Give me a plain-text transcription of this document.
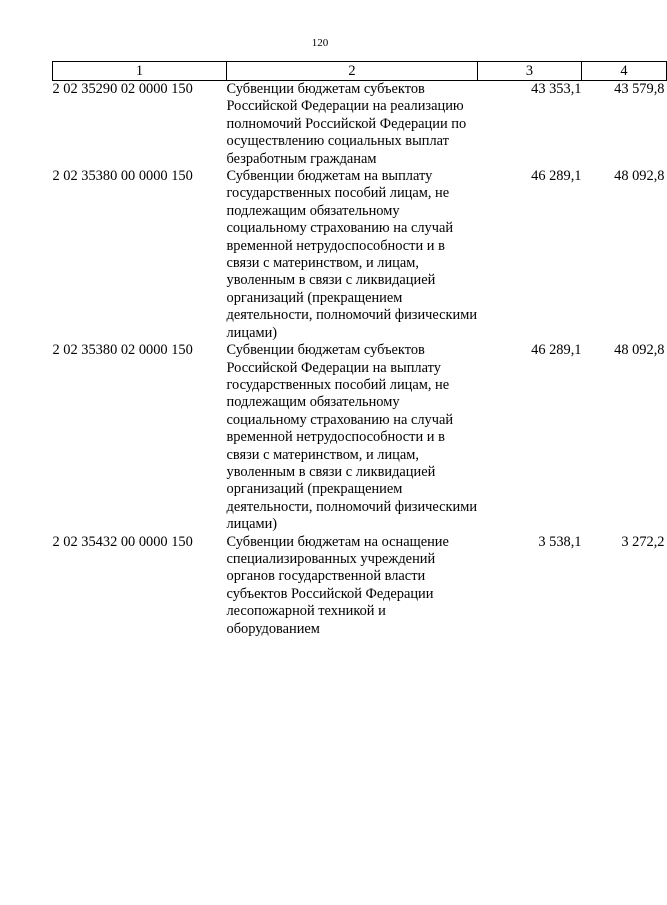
120
1	2	3	4
2 02 35290 02 0000 150	Субвенции бюджетам субъектов Российской Федерации на реализацию полномочий Российской Федерации по осуществлению социальных выплат безработным гражданам	43 353,1	43 579,8
2 02 35380 00 0000 150	Субвенции бюджетам на выплату государственных пособий лицам, не подлежащим обязательному социальному страхованию на случай временной нетрудоспособности и в связи с материнством, и лицам, уволенным в связи с ликвидацией организаций (прекращением деятельности, полномочий физическими лицами)	46 289,1	48 092,8
2 02 35380 02 0000 150	Субвенции бюджетам субъектов Российской Федерации на выплату государственных пособий лицам, не подлежащим обязательному социальному страхованию на случай временной нетрудоспособности и в связи с материнством, и лицам, уволенным в связи с ликвидацией организаций (прекращением деятельности, полномочий физическими лицами)	46 289,1	48 092,8
2 02 35432 00 0000 150	Субвенции бюджетам на оснащение специализированных учреждений органов государственной власти субъектов Российской Федерации лесопожарной техникой и оборудованием	3 538,1	3 272,2
